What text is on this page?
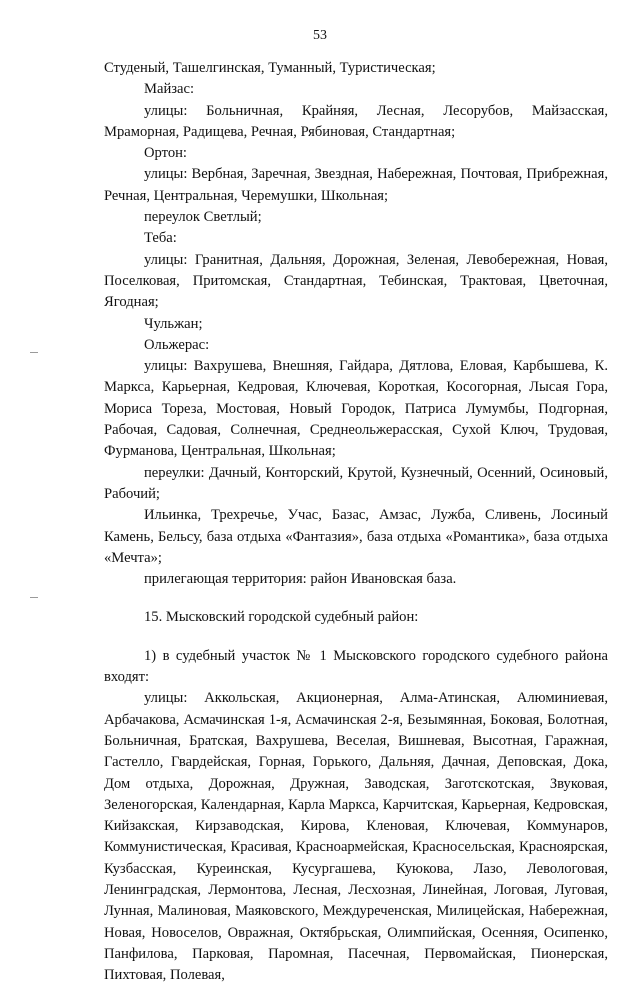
53

Студеный, Ташелгинская, Туманный, Туристическая;

Майзас:

улицы: Больничная, Крайняя, Лесная, Лесорубов, Майзасская, Мраморная, Радищева, Речная, Рябиновая, Стандартная;

Ортон:

улицы: Вербная, Заречная, Звездная, Набережная, Почтовая, Прибрежная, Речная, Центральная, Черемушки, Школьная;

переулок Светлый;

Теба:

улицы: Гранитная, Дальняя, Дорожная, Зеленая, Левобережная, Новая, Поселковая, Притомская, Стандартная, Тебинская, Трактовая, Цветочная, Ягодная;

Чульжан;

Ольжерас:

улицы: Вахрушева, Внешняя, Гайдара, Дятлова, Еловая, Карбышева, К. Маркса, Карьерная, Кедровая, Ключевая, Короткая, Косогорная, Лысая Гора, Мориса Тореза, Мостовая, Новый Городок, Патриса Лумумбы, Подгорная, Рабочая, Садовая, Солнечная, Среднеольжерасская, Сухой Ключ, Трудовая, Фурманова, Центральная, Школьная;

переулки: Дачный, Конторский, Крутой, Кузнечный, Осенний, Осиновый, Рабочий;

Ильинка, Трехречье, Учас, Базас, Амзас, Лужба, Сливень, Лосиный Камень, Бельсу, база отдыха «Фантазия», база отдыха «Романтика», база отдыха «Мечта»;

прилегающая территория: район Ивановская база.

15. Мысковский городской судебный район:

1) в судебный участок № 1 Мысковского городского судебного района входят:

улицы: Аккольская, Акционерная, Алма-Атинская, Алюминиевая, Арбачакова, Асмачинская 1-я, Асмачинская 2-я, Безымянная, Боковая, Болотная, Больничная, Братская, Вахрушева, Веселая, Вишневая, Высотная, Гаражная, Гастелло, Гвардейская, Горная, Горького, Дальняя, Дачная, Деповская, Дока, Дом отдыха, Дорожная, Дружная, Заводская, Заготскотская, Звуковая, Зеленогорская, Календарная, Карла Маркса, Карчитская, Карьерная, Кедровская, Кийзакская, Кирзаводская, Кирова, Кленовая, Ключевая, Коммунаров, Коммунистическая, Красивая, Красноармейская, Красносельская, Красноярская, Кузбасская, Куреинская, Кусургашева, Куюкова, Лазо, Левологовая, Ленинградская, Лермонтова, Лесная, Лесхозная, Линейная, Логовая, Луговая, Лунная, Малиновая, Маяковского, Междуреченская, Милицейская, Набережная, Новая, Новоселов, Овражная, Октябрьская, Олимпийская, Осенняя, Осипенко, Панфилова, Парковая, Паромная, Пасечная, Первомайская, Пионерская, Пихтовая, Полевая,
